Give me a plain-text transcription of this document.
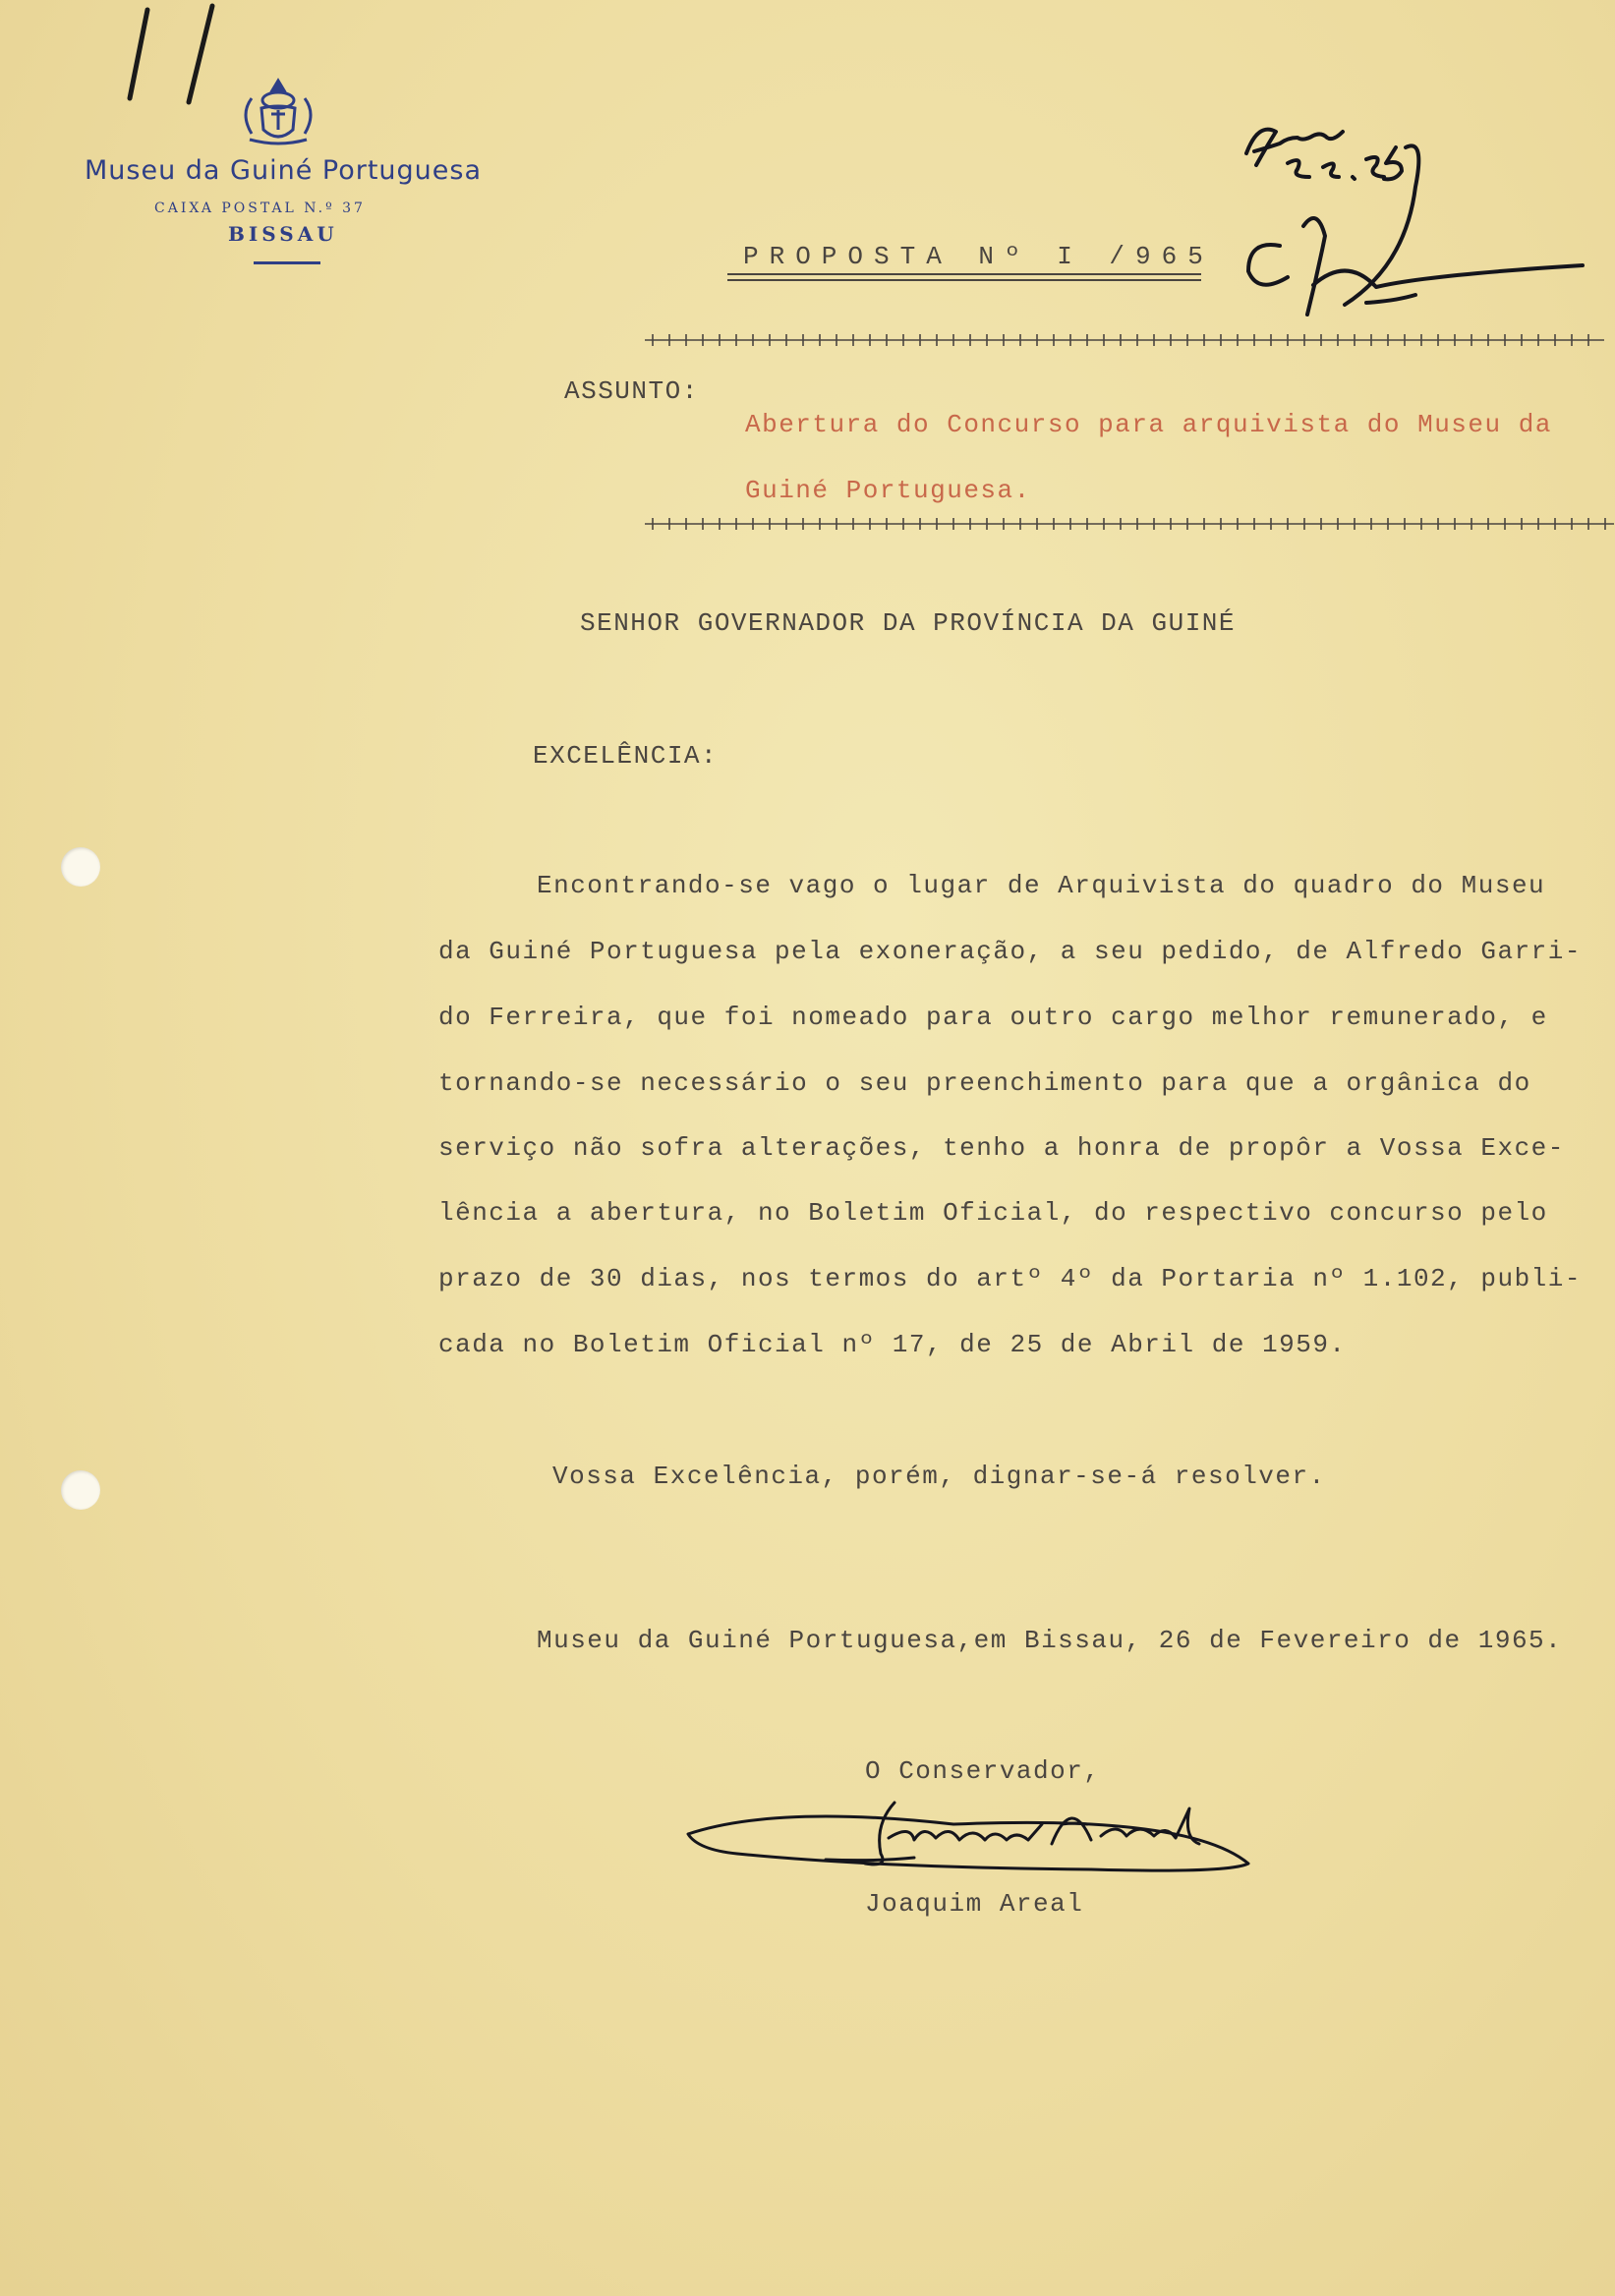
Museu da Guiné Portuguesa
CAIXA POSTAL N.º 37
BISSAU
PROPOSTA Nº I /965
ASSUNTO:
Abertura do Concurso para arquivista do Museu da
Guiné Portuguesa.
SENHOR GOVERNADOR DA PROVÍNCIA DA GUINÉ
EXCELÊNCIA:
Encontrando-se vago o lugar de Arquivista do quadro do Museu
da Guiné Portuguesa pela exoneração, a seu pedido, de Alfredo Garri-
do Ferreira, que foi nomeado para outro cargo melhor remunerado, e
tornando-se necessário o seu preenchimento para que a orgânica do
serviço não sofra alterações, tenho a honra de propôr a Vossa Exce-
lência a abertura, no Boletim Oficial, do respectivo concurso pelo
prazo de 30 dias, nos termos do artº 4º da Portaria nº 1.102, publi-
cada no Boletim Oficial nº 17, de 25 de Abril de 1959.
Vossa Excelência, porém, dignar-se-á resolver.
Museu da Guiné Portuguesa,em Bissau, 26 de Fevereiro de 1965.
O Conservador,
Joaquim Areal
